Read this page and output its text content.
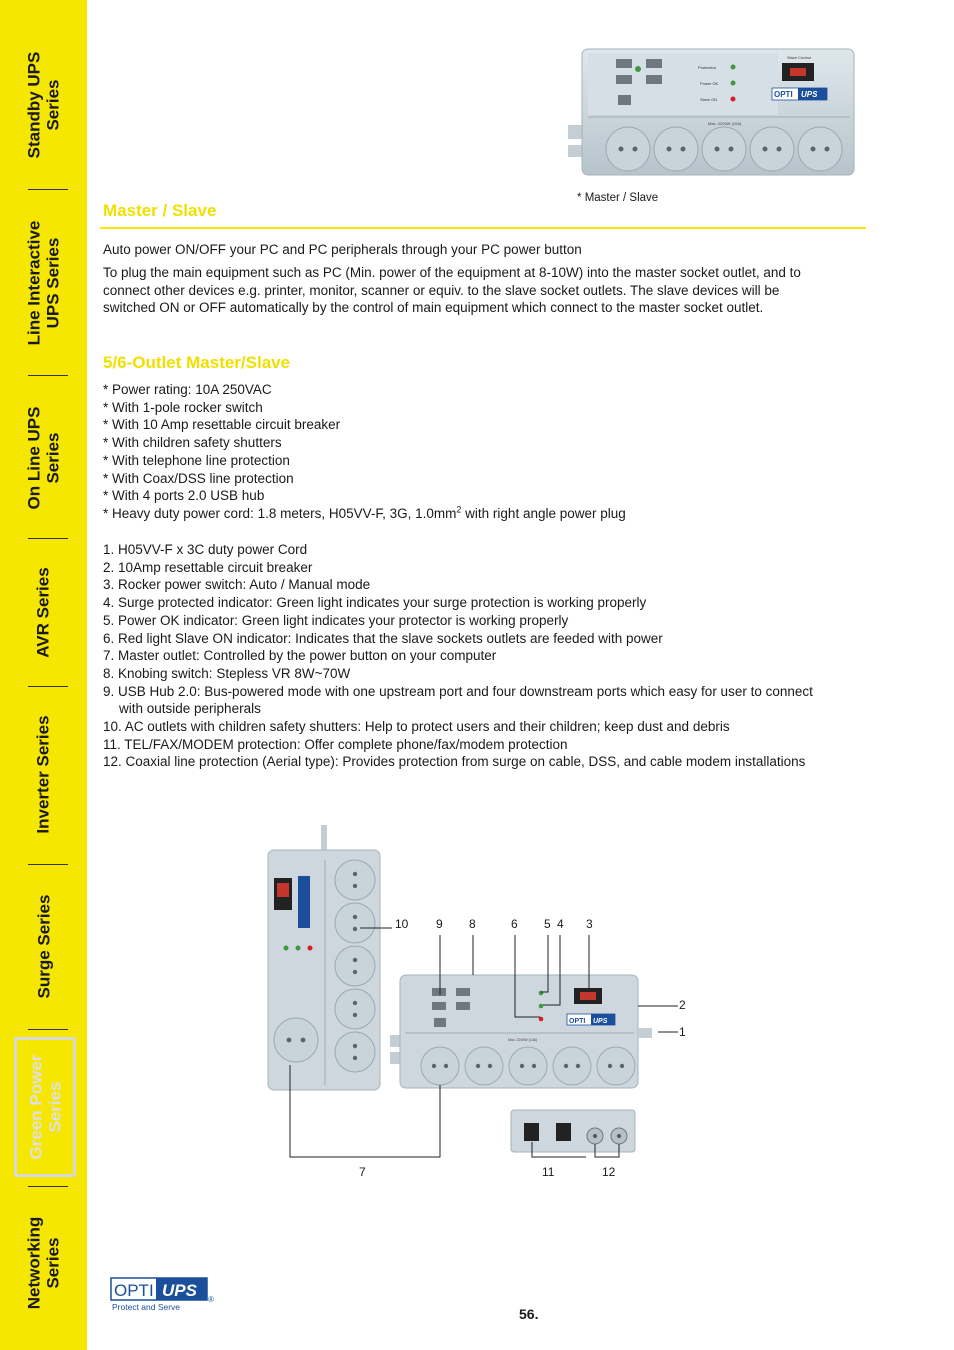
Standby UPS
Series
Line Interactive
UPS Series
On Line UPS
Series
AVR Series
Inverter Series
Surge Series
Green Power
Series
Networking
Series
Protection
Power OK
Slave ON
Slave Control
OPTI UPS
Max. 2200W (10A)
* Master / Slave
Master / Slave

Auto power ON/OFF your PC and PC peripherals through your PC power button

To plug the main equipment such as PC (Min. power of the equipment at 8-10W) into the master socket outlet, and to connect other devices e.g. printer, monitor, scanner or equiv. to the slave socket outlets. The slave devices will be switched ON or OFF automatically by the control of main equipment which connect to the master socket outlet.

5/6-Outlet Master/Slave
* Power rating: 10A 250VAC
* With 1-pole rocker switch
* With 10 Amp resettable circuit breaker
* With children safety shutters
* With telephone line protection
* With Coax/DSS line protection
* With 4 ports 2.0 USB hub
* Heavy duty power cord: 1.8 meters, H05VV-F, 3G, $1.0mm^2$ with right angle power plug
1. H05VV-F x 3C duty power Cord
2. 10Amp resettable circuit breaker
3. Rocker power switch: Auto / Manual mode
4. Surge protected indicator: Green light indicates your surge protection is working properly
5. Power OK indicator: Green light indicates your protector is working properly
6. Red light Slave ON indicator: Indicates that the slave sockets outlets are feeded with power
7. Master outlet: Controlled by the power button on your computer
8. Knobing switch: Stepless VR 8W~70W
9. USB Hub 2.0: Bus-powered mode with one upstream port and four downstream ports which easy for user to connect with outside peripherals
10. AC outlets with children safety shutters: Help to protect users and their children; keep dust and debris
11. TEL/FAX/MODEM protection: Offer complete phone/fax/modem protection
12. Coaxial line protection (Aerial type): Provides protection from surge on cable, DSS, and cable modem installations
OPTI UPS
Max. 2200W (10A)
10 9 8	6 5 4 3
2
1
7	11	12
OPTI UPS ®
Protect and Serve	56.
